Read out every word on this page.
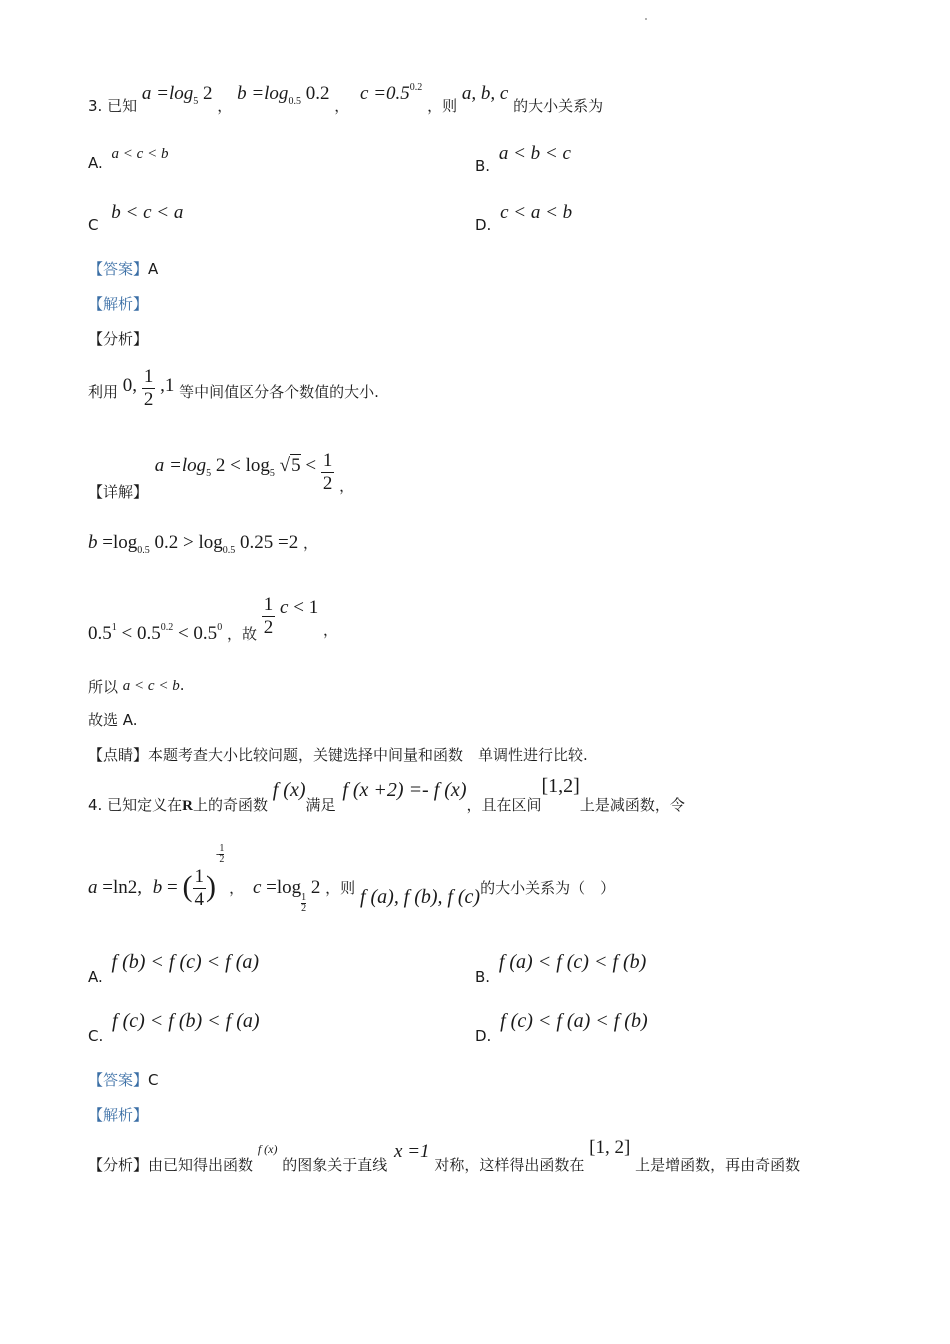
3. 已知 $a =\log_5$ 2 ， $b =\log_{0.5}$ 0.2 ， $c =0.5^{0.2}$ ，则 a, b, c 的大小关系为
A. a < c < b
B. a < b < c
C b < c < a
D. c < a < b
【答案】A
【解析】
【分析】
利用 0, $\frac{1}{2} ,1$ 等中间值区分各个数值的大小.
【详解】 $a =\log_5$ $2 < \log_5 √5 < \frac{1}{2}$ ，
$b =\log_{0.5}$ $0.2 > \log_{0.5} 0.25 =2$ ，
$0.5^1 < 0.5^{0.2} < 0.5^0$ ，故 $\frac{1}{2}$ c < 1 ，
所以 a < c < b.
故选 A.
【点睛】本题考查大小比较问题，关键选择中间量和函数　单调性进行比较.
4. 已知定义在R上的奇函数 f (x)满足 f (x +2) =- f (x)，且在区间[1,2]上是减函数，令
a =ln2, b = ( $\frac{1}{4}$ )- $\frac{1}{2}$
， c =log
$\frac{1}{2}$
2 ，则 f (a), f (b), f (c)的大小关系为（　）
A. f (b) < f (c) < f (a)
B. f (a) < f (c) < f (b)
C. f (c) < f (b) < f (a)
D. f (c) < f (a) < f (b)
【答案】C
【解析】
【分析】由已知得出函数 f (x) 的图象关于直线 x =1 对称，这样得出函数在 [1, 2] 上是增函数，再由奇函数
